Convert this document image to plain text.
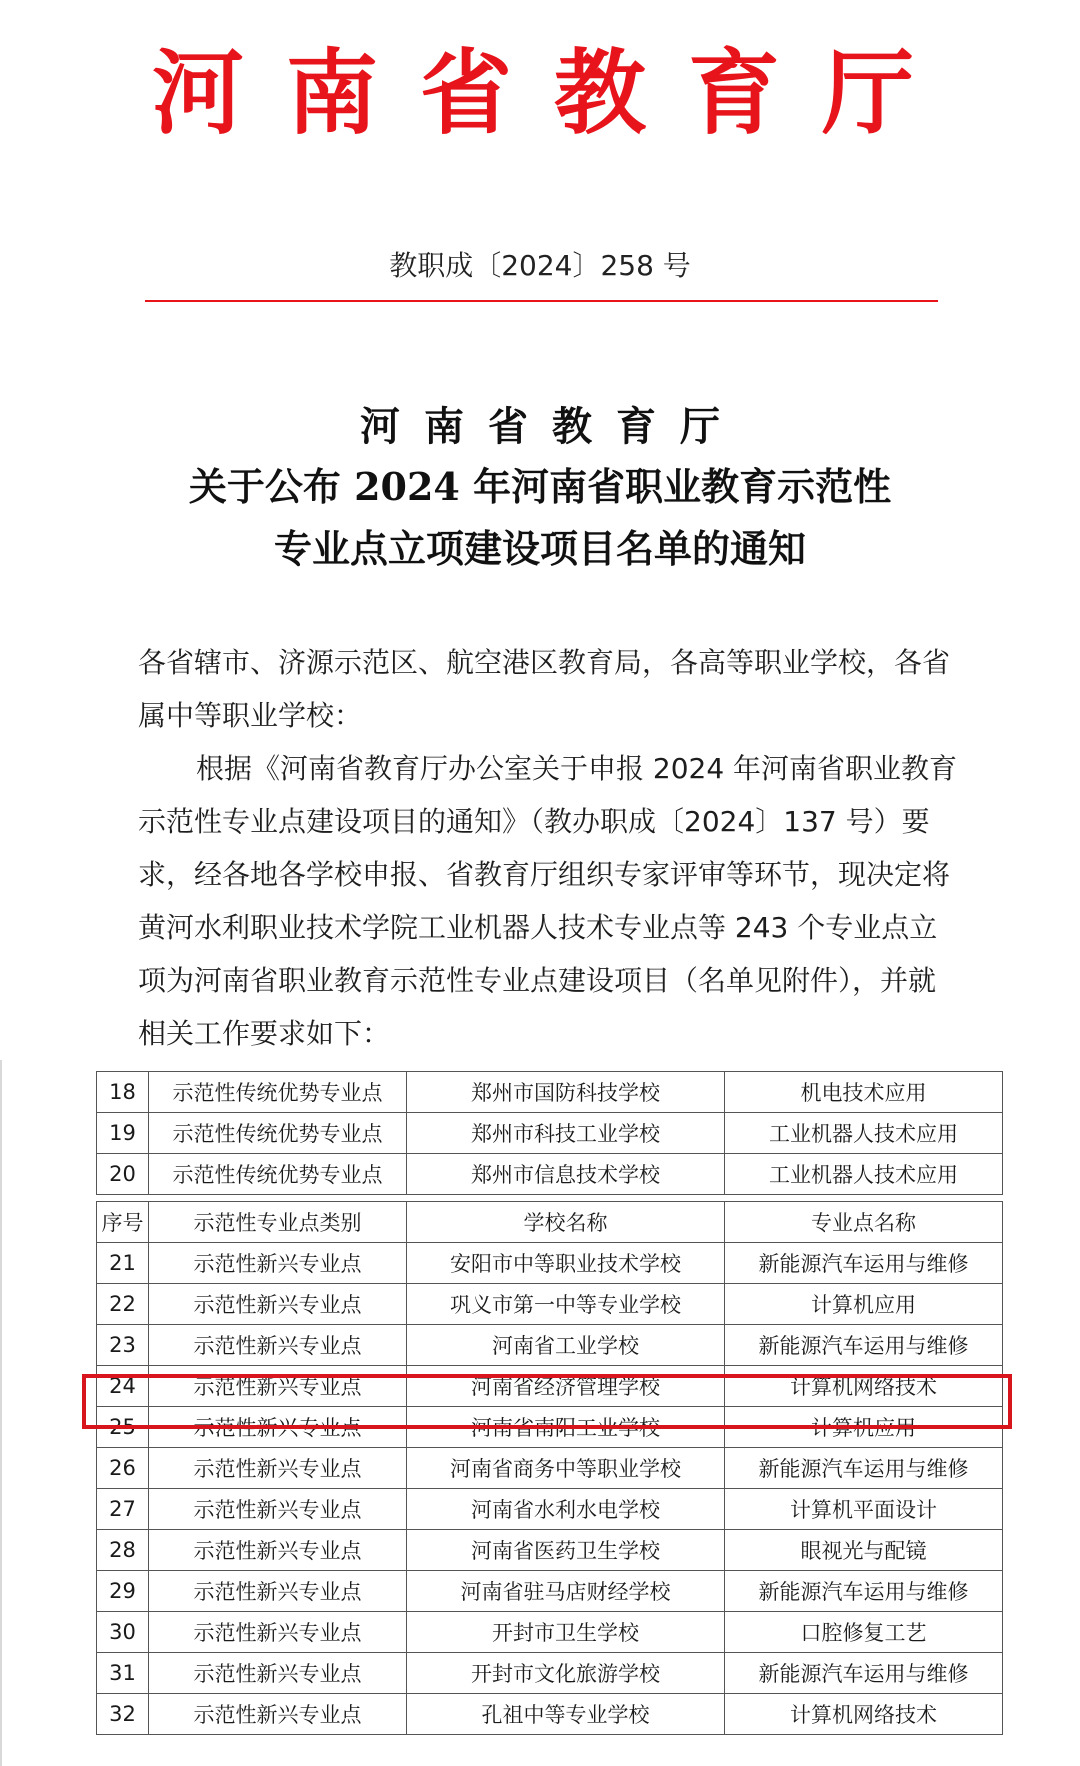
河南省教育厅
教职成〔2024〕258 号
河南省教育厅
关于公布 2024 年河南省职业教育示范性
专业点立项建设项目名单的通知

各省辖市、济源示范区、航空港区教育局，各高等职业学校，各省属中等职业学校：

根据《河南省教育厅办公室关于申报 2024 年河南省职业教育示范性专业点建设项目的通知》（教办职成〔2024〕137 号）要求，经各地各学校申报、省教育厅组织专家评审等环节，现决定将黄河水利职业技术学院工业机器人技术专业点等 243 个专业点立项为河南省职业教育示范性专业点建设项目（名单见附件），并就相关工作要求如下：

18	示范性传统优势专业点	郑州市国防科技学校	机电技术应用
19	示范性传统优势专业点	郑州市科技工业学校	工业机器人技术应用
20	示范性传统优势专业点	郑州市信息技术学校	工业机器人技术应用

序号	示范性专业点类别	学校名称	专业点名称
21	示范性新兴专业点	安阳市中等职业技术学校	新能源汽车运用与维修
22	示范性新兴专业点	巩义市第一中等专业学校	计算机应用
23	示范性新兴专业点	河南省工业学校	新能源汽车运用与维修
24	示范性新兴专业点	河南省经济管理学校	计算机网络技术
25	示范性新兴专业点	河南省南阳工业学校	计算机应用
26	示范性新兴专业点	河南省商务中等职业学校	新能源汽车运用与维修
27	示范性新兴专业点	河南省水利水电学校	计算机平面设计
28	示范性新兴专业点	河南省医药卫生学校	眼视光与配镜
29	示范性新兴专业点	河南省驻马店财经学校	新能源汽车运用与维修
30	示范性新兴专业点	开封市卫生学校	口腔修复工艺
31	示范性新兴专业点	开封市文化旅游学校	新能源汽车运用与维修
32	示范性新兴专业点	孔祖中等专业学校	计算机网络技术
